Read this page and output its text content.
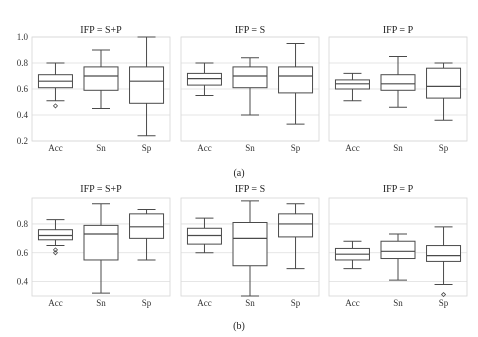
(a)
0.2
0.4
0.6
0.8
1.0
IFP = S+P
Acc	Sn	Sp
IFP = S
Acc	Sn	Sp
IFP = P
Acc	Sn	Sp
(b)
0.4
0.6
0.8
IFP = S+P
Acc	Sn	Sp
IFP = S
Acc	Sn	Sp
IFP = P
Acc	Sn	Sp
